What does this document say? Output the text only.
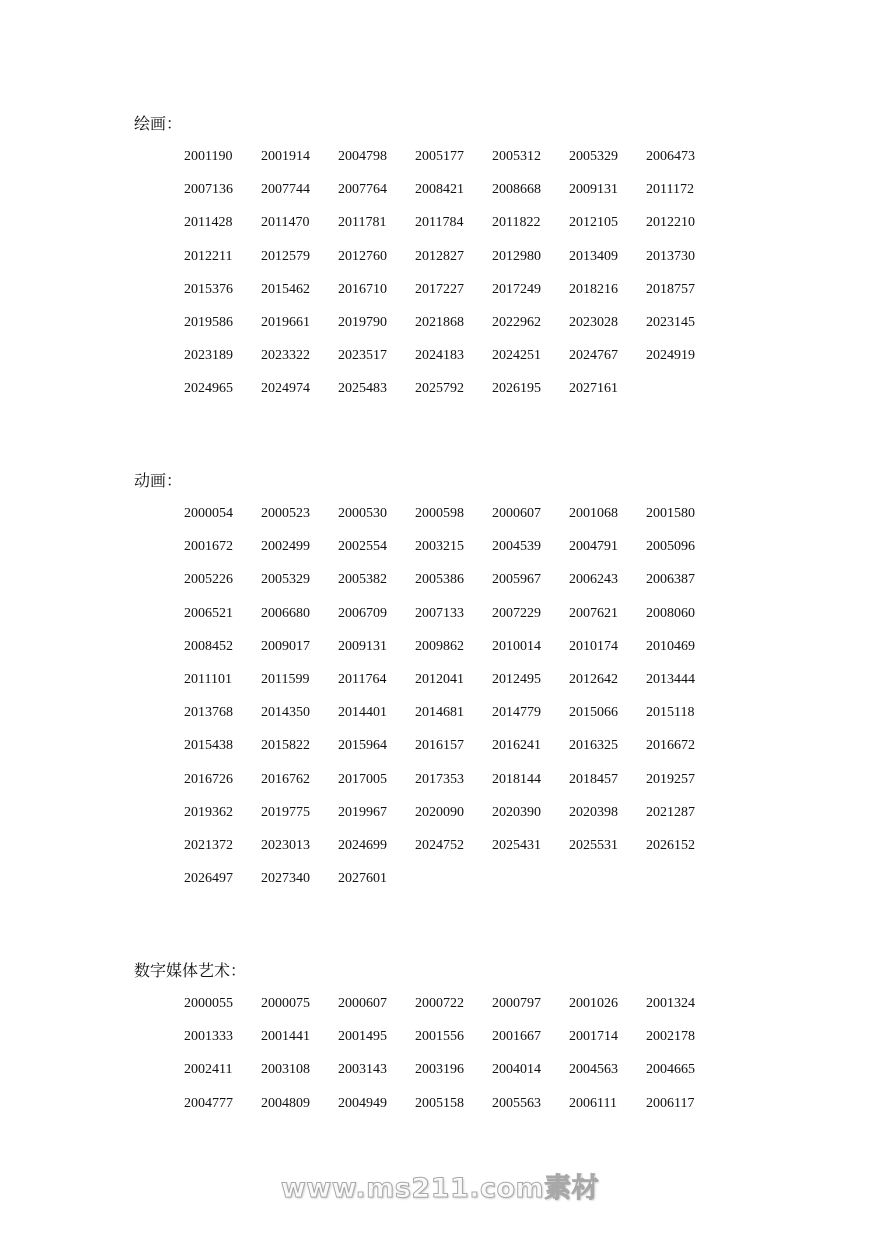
绘画：
2001190	2001914	2004798	2005177	2005312	2005329	2006473
2007136	2007744	2007764	2008421	2008668	2009131	2011172
2011428	2011470	2011781	2011784	2011822	2012105	2012210
2012211	2012579	2012760	2012827	2012980	2013409	2013730
2015376	2015462	2016710	2017227	2017249	2018216	2018757
2019586	2019661	2019790	2021868	2022962	2023028	2023145
2023189	2023322	2023517	2024183	2024251	2024767	2024919
2024965	2024974	2025483	2025792	2026195	2027161
动画：
2000054	2000523	2000530	2000598	2000607	2001068	2001580
2001672	2002499	2002554	2003215	2004539	2004791	2005096
2005226	2005329	2005382	2005386	2005967	2006243	2006387
2006521	2006680	2006709	2007133	2007229	2007621	2008060
2008452	2009017	2009131	2009862	2010014	2010174	2010469
2011101	2011599	2011764	2012041	2012495	2012642	2013444
2013768	2014350	2014401	2014681	2014779	2015066	2015118
2015438	2015822	2015964	2016157	2016241	2016325	2016672
2016726	2016762	2017005	2017353	2018144	2018457	2019257
2019362	2019775	2019967	2020090	2020390	2020398	2021287
2021372	2023013	2024699	2024752	2025431	2025531	2026152
2026497	2027340	2027601
数字媒体艺术：
2000055	2000075	2000607	2000722	2000797	2001026	2001324
2001333	2001441	2001495	2001556	2001667	2001714	2002178
2002411	2003108	2003143	2003196	2004014	2004563	2004665
2004777	2004809	2004949	2005158	2005563	2006111	2006117
www.ms211.com素材
